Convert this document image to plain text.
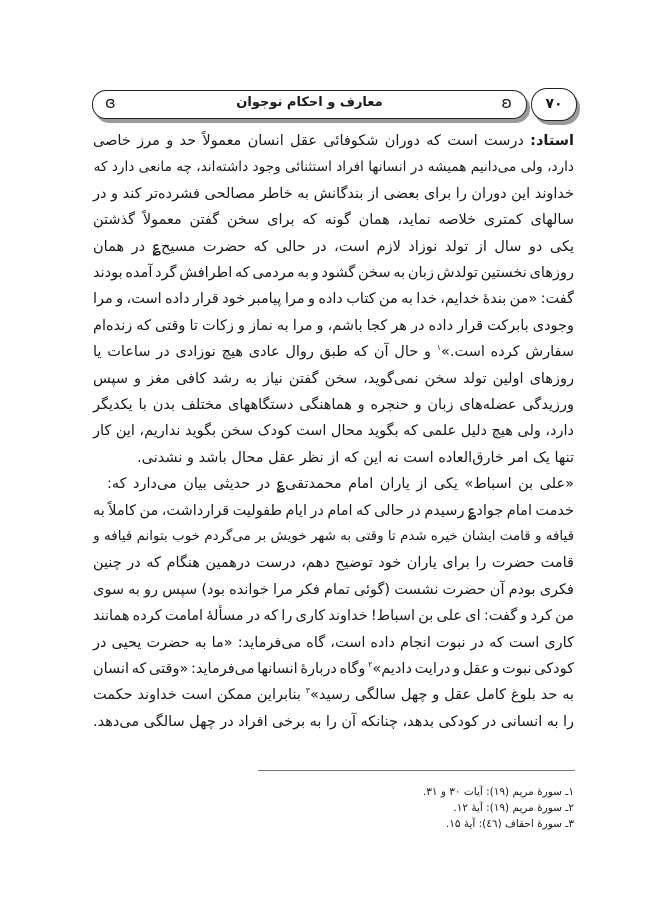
ɞ	معارف و احکام نوجوان	ʚ	۷۰
استاد: درست است که دوران شکوفائی عقل انسان معمولاً حد و مرز خاصی
دارد، ولی می‌دانیم همیشه در انسانها افراد استثنائی وجود داشته‌اند، چه مانعی دارد که
خداوند این دوران را برای بعضی از بندگانش به خاطر مصالحی فشرده‌تر کند و در
سالهای کمتری خلاصه نماید، همان گونه که برای سخن گفتن معمولاً گذشتن
یکی دو سال از تولد نوزاد لازم است، در حالی که حضرت مسیح؏ در همان
روزهای نخستین تولدش زبان به سخن گشود و به مردمی که اطرافش گرد آمده بودند
گفت: «من بندهٔ خدایم، خدا به من کتاب داده و مرا پیامبر خود قرار داده است، و مرا
وجودی بابرکت قرار داده در هر کجا باشم، و مرا به نماز و زکات تا وقتی که زنده‌ام
سفارش کرده است.»$^۱$ و حال آن که طبق روال عادی هیچ نوزادی در ساعات یا
روزهای اولین تولد سخن نمی‌گوید، سخن گفتن نیاز به رشد کافی مغز و سپس
ورزیدگی عضله‌های زبان و حنجره و هماهنگی دستگاههای مختلف بدن با یکدیگر
دارد، ولی هیچ دلیل علمی که بگوید محال است کودک سخن بگوید نداریم، این کار
تنها یک امر خارق‌العاده است نه این که از نظر عقل محال باشد و نشدنی.
«علی بن اسباط» یکی از یاران امام محمدتقی؏ در حدیثی بیان می‌دارد که:
خدمت امام جواد؏ رسیدم در حالی که امام در ایام طفولیت قرارداشت، من کاملاً به
قیافه و قامت ایشان خیره شدم تا وقتی به شهر خویش بر می‌گردم خوب بتوانم قیافه و
قامت حضرت را برای یاران خود توضیح دهم، درست درهمین هنگام که در چنین
فکری بودم آن حضرت نشست (گوئی تمام فکر مرا خوانده بود) سپس رو به سوی
من کرد و گفت: ای علی بن اسباط! خداوند کاری را که در مسألهٔ امامت کرده همانند
کاری است که در نبوت انجام داده است، گاه می‌فرماید: «ما به حضرت یحیی در
کودکی نبوت و عقل و درایت دادیم»$^۲$ وگاه دربارهٔ انسانها می‌فرماید: «وقتی که انسان
به حد بلوغ کامل عقل و چهل سالگی رسید»$^۳$ بنابراین ممکن است خداوند حکمت
را به انسانی در کودکی بدهد، چنانکه آن را به برخی افراد در چهل سالگی می‌دهد.
۱ـ سورهٔ مریم (۱۹): آیات ۳۰ و ۳۱.
۲ـ سورهٔ مریم (۱۹): آیهٔ ۱۲.
۳ـ سورهٔ احقاف (٤٦): آیهٔ ۱۵.
